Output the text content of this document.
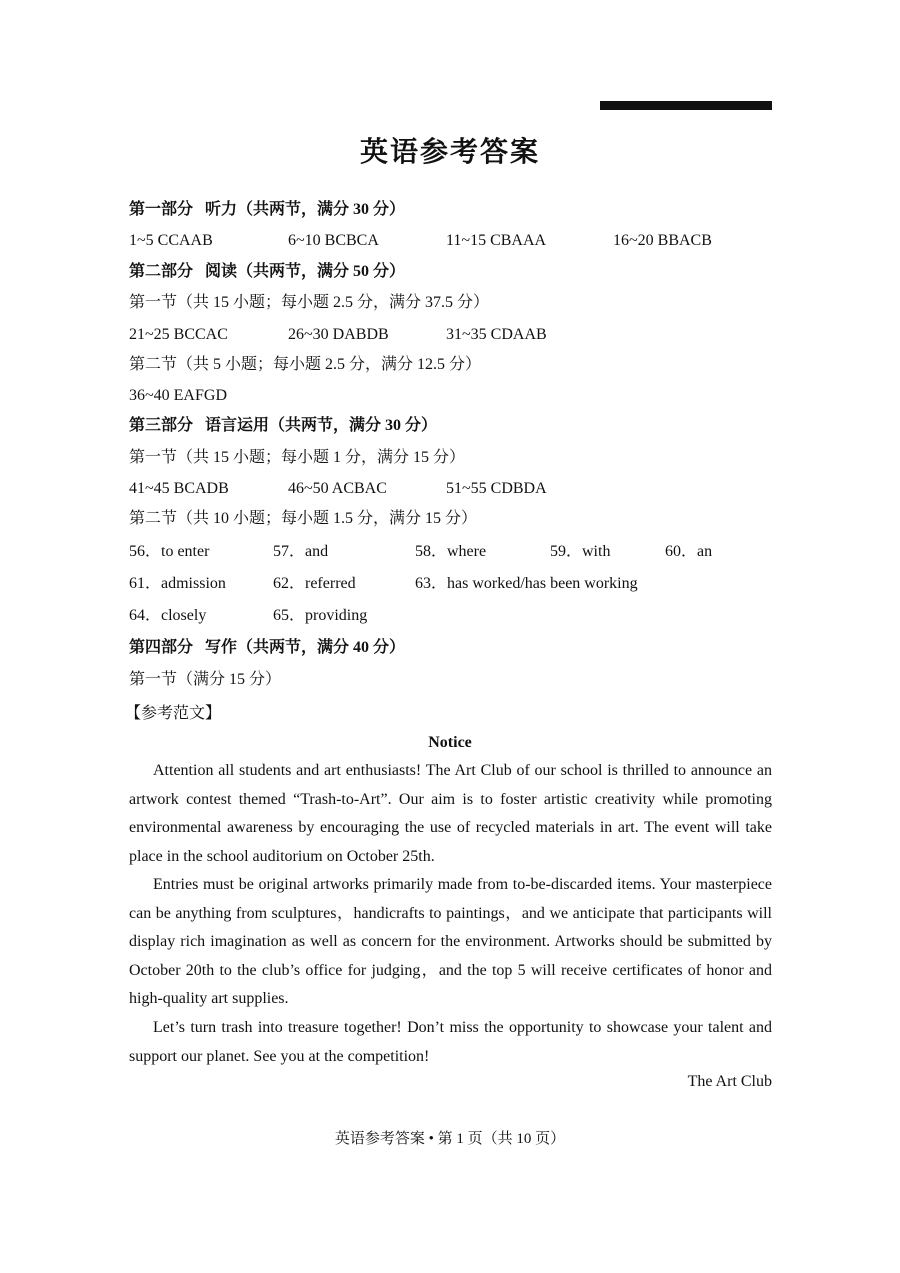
英语参考答案
第一部分 听力（共两节，满分 30 分）
1~5 CCAAB	6~10 BCBCA	11~15 CBAAA	16~20 BBACB
第二部分 阅读（共两节，满分 50 分）
第一节（共 15 小题；每小题 2.5 分，满分 37.5 分）
21~25 BCCAC	26~30 DABDB	31~35 CDAAB
第二节（共 5 小题；每小题 2.5 分，满分 12.5 分）
36~40 EAFGD
第三部分 语言运用（共两节，满分 30 分）
第一节（共 15 小题；每小题 1 分，满分 15 分）
41~45 BCADB	46~50 ACBAC	51~55 CDBDA
第二节（共 10 小题；每小题 1.5 分，满分 15 分）
56．to enter	57．and	58．where	59．with	60．an
61．admission	62．referred	63．has worked/has been working
64．closely	65．providing
第四部分 写作（共两节，满分 40 分）
第一节（满分 15 分）
【参考范文】
Notice
Attention all students and art enthusiasts! The Art Club of our school is thrilled to announce an artwork contest themed “Trash-to-Art”. Our aim is to foster artistic creativity while promoting environmental awareness by encouraging the use of recycled materials in art. The event will take place in the school auditorium on October 25th.
Entries must be original artworks primarily made from to-be-discarded items. Your masterpiece can be anything from sculptures，handicrafts to paintings，and we anticipate that participants will display rich imagination as well as concern for the environment. Artworks should be submitted by October 20th to the club’s office for judging，and the top 5 will receive certificates of honor and high-quality art supplies.
Let’s turn trash into treasure together! Don’t miss the opportunity to showcase your talent and support our planet. See you at the competition!
The Art Club
英语参考答案 • 第 1 页（共 10 页）
